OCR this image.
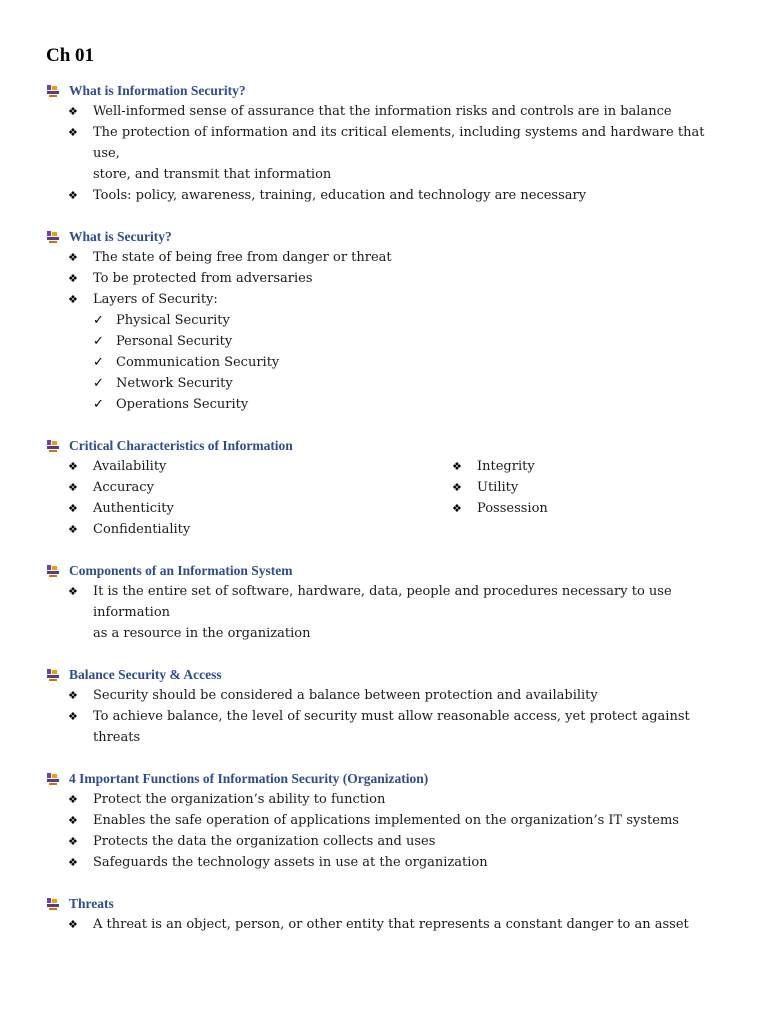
Ch 01
What is Information Security?
❖	Well-informed sense of assurance that the information risks and controls are in balance
❖	The protection of information and its critical elements, including systems and hardware that use,
store, and transmit that information
❖	Tools: policy, awareness, training, education and technology are necessary
What is Security?
❖	The state of being free from danger or threat
❖	To be protected from adversaries
❖	Layers of Security:
✓ Physical Security
✓ Personal Security
✓ Communication Security
✓ Network Security
✓ Operations Security
Critical Characteristics of Information
❖	Availability
❖	Accuracy
❖	Authenticity
❖	Confidentiality
❖	Integrity
❖	Utility
❖	Possession
Components of an Information System
❖	It is the entire set of software, hardware, data, people and procedures necessary to use information
as a resource in the organization
Balance Security & Access
❖	Security should be considered a balance between protection and availability
❖	To achieve balance, the level of security must allow reasonable access, yet protect against threats
4 Important Functions of Information Security (Organization)
❖	Protect the organization’s ability to function
❖	Enables the safe operation of applications implemented on the organization’s IT systems
❖	Protects the data the organization collects and uses
❖	Safeguards the technology assets in use at the organization
Threats
❖	A threat is an object, person, or other entity that represents a constant danger to an asset
